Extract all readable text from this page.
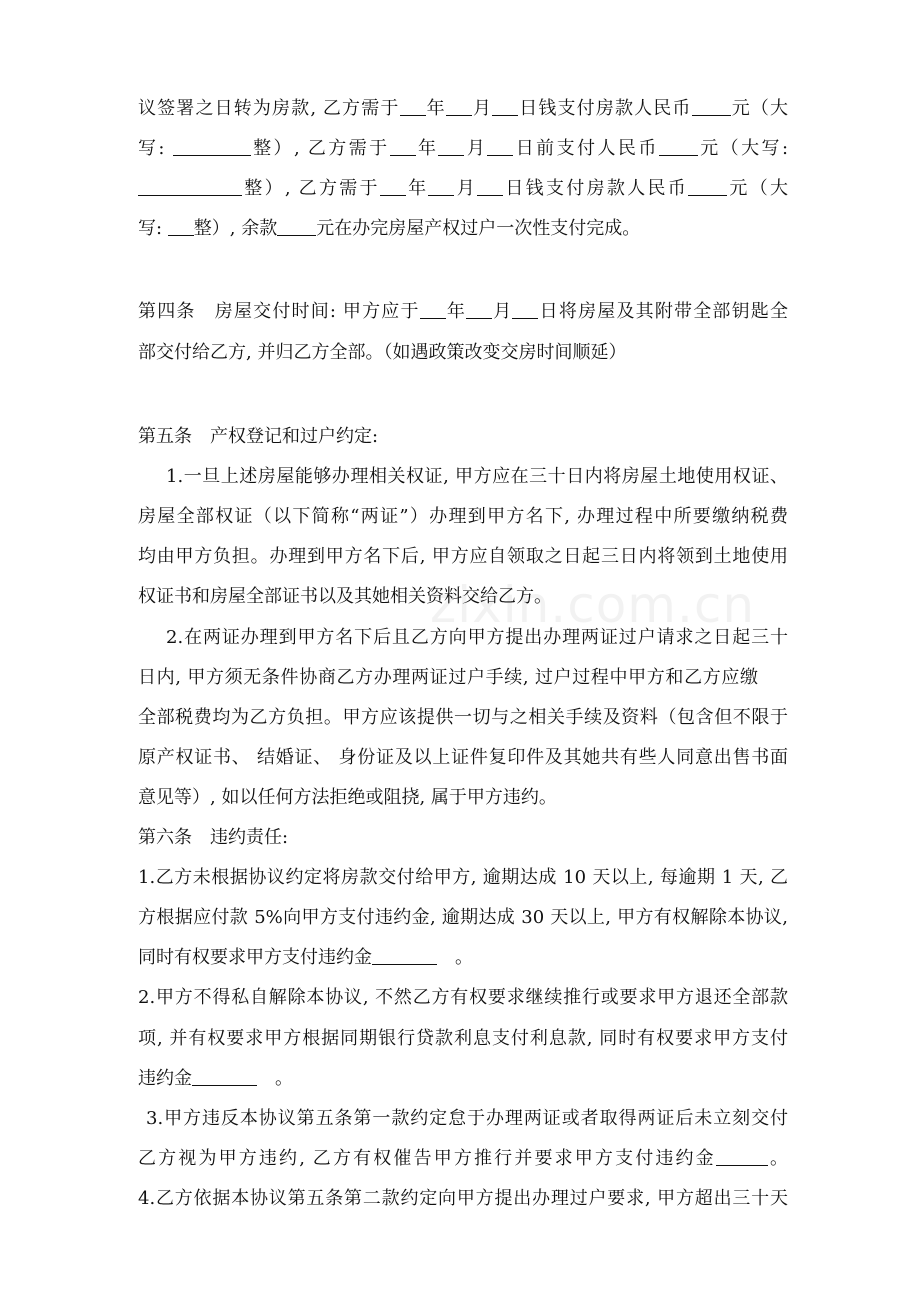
zixin.com.cn
议签署之日转为房款, 乙方需于 年 月 日钱支付房款人民币 元（大
写:	整）, 乙方需于 年 月 日前支付人民币 元（大写:
整）, 乙方需于 年 月 日钱支付房款人民币 元（大
写: 整）, 余款 元在办完房屋产权过户一次性支付完成。
第四条　房屋交付时间: 甲方应于 年 月 日将房屋及其附带全部钥匙全
部交付给乙方, 并归乙方全部。（如遇政策改变交房时间顺延）
第五条　产权登记和过户约定:
1.一旦上述房屋能够办理相关权证, 甲方应在三十日内将房屋土地使用权证、
房屋全部权证（以下简称“两证”）办理到甲方名下, 办理过程中所要缴纳税费
均由甲方负担。办理到甲方名下后, 甲方应自领取之日起三日内将领到土地使用
权证书和房屋全部证书以及其她相关资料交给乙方。
2.在两证办理到甲方名下后且乙方向甲方提出办理两证过户请求之日起三十
日内, 甲方须无条件协商乙方办理两证过户手续, 过户过程中甲方和乙方应缴
全部税费均为乙方负担。甲方应该提供一切与之相关手续及资料（包含但不限于
原产权证书、 结婚证、 身份证及以上证件复印件及其她共有些人同意出售书面
意见等）, 如以任何方法拒绝或阻挠, 属于甲方违约。
第六条　违约责任:
1.乙方未根据协议约定将房款交付给甲方, 逾期达成 10 天以上, 每逾期 1 天, 乙
方根据应付款 5%向甲方支付违约金, 逾期达成 30 天以上, 甲方有权解除本协议,
同时有权要求甲方支付违约金	　。
2.甲方不得私自解除本协议, 不然乙方有权要求继续推行或要求甲方退还全部款
项, 并有权要求甲方根据同期银行贷款利息支付利息款, 同时有权要求甲方支付
违约金	　。
3.甲方违反本协议第五条第一款约定怠于办理两证或者取得两证后未立刻交付
乙方视为甲方违约, 乙方有权催告甲方推行并要求甲方支付违约金	。
4.乙方依据本协议第五条第二款约定向甲方提出办理过户要求, 甲方超出三十天
